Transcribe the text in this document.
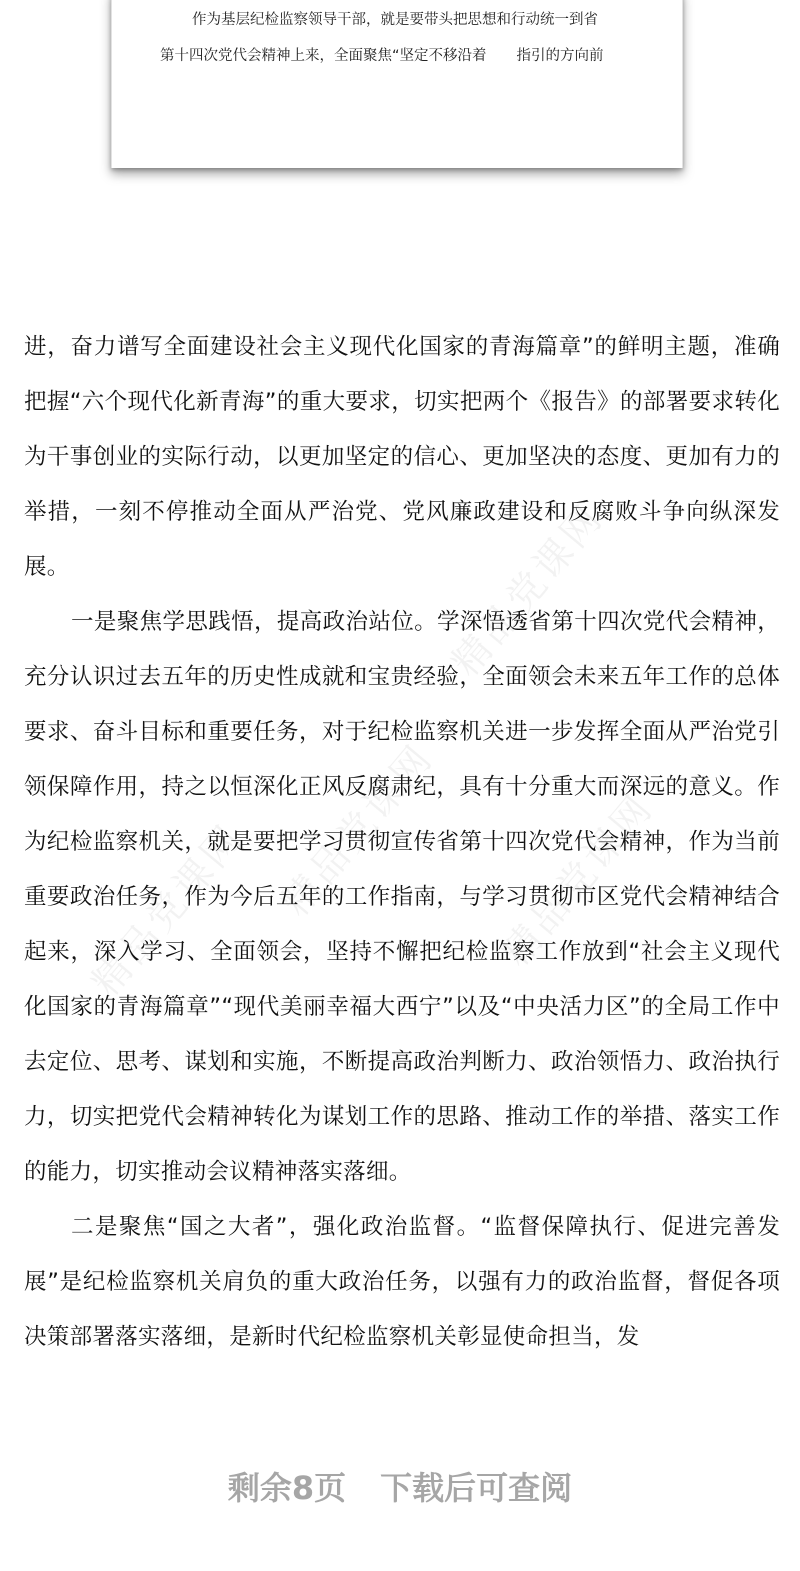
作为基层纪检监察领导干部，就是要带头把思想和行动统一到省
第十四次党代会精神上来，全面聚焦“坚定不移沿着 指引的方向前
精品党课网
精品党课网
精品党课网	精品党课网

进，奋力谱写全面建设社会主义现代化国家的青海篇章”的鲜明主题，准确把握“六个现代化新青海”的重大要求，切实把两个《报告》的部署要求转化为干事创业的实际行动，以更加坚定的信心、更加坚决的态度、更加有力的举措，一刻不停推动全面从严治党、党风廉政建设和反腐败斗争向纵深发展。

一是聚焦学思践悟，提高政治站位。学深悟透省第十四次党代会精神，充分认识过去五年的历史性成就和宝贵经验，全面领会未来五年工作的总体要求、奋斗目标和重要任务，对于纪检监察机关进一步发挥全面从严治党引领保障作用，持之以恒深化正风反腐肃纪，具有十分重大而深远的意义。作为纪检监察机关，就是要把学习贯彻宣传省第十四次党代会精神，作为当前重要政治任务，作为今后五年的工作指南，与学习贯彻市区党代会精神结合起来，深入学习、全面领会，坚持不懈把纪检监察工作放到“社会主义现代化国家的青海篇章”“现代美丽幸福大西宁”以及“中央活力区”的全局工作中去定位、思考、谋划和实施，不断提高政治判断力、政治领悟力、政治执行力，切实把党代会精神转化为谋划工作的思路、推动工作的举措、落实工作的能力，切实推动会议精神落实落细。

二是聚焦“国之大者”，强化政治监督。“监督保障执行、促进完善发展”是纪检监察机关肩负的重大政治任务，以强有力的政治监督，督促各项决策部署落实落细，是新时代纪检监察机关彰显使命担当，发

剩余8页 下载后可查阅
